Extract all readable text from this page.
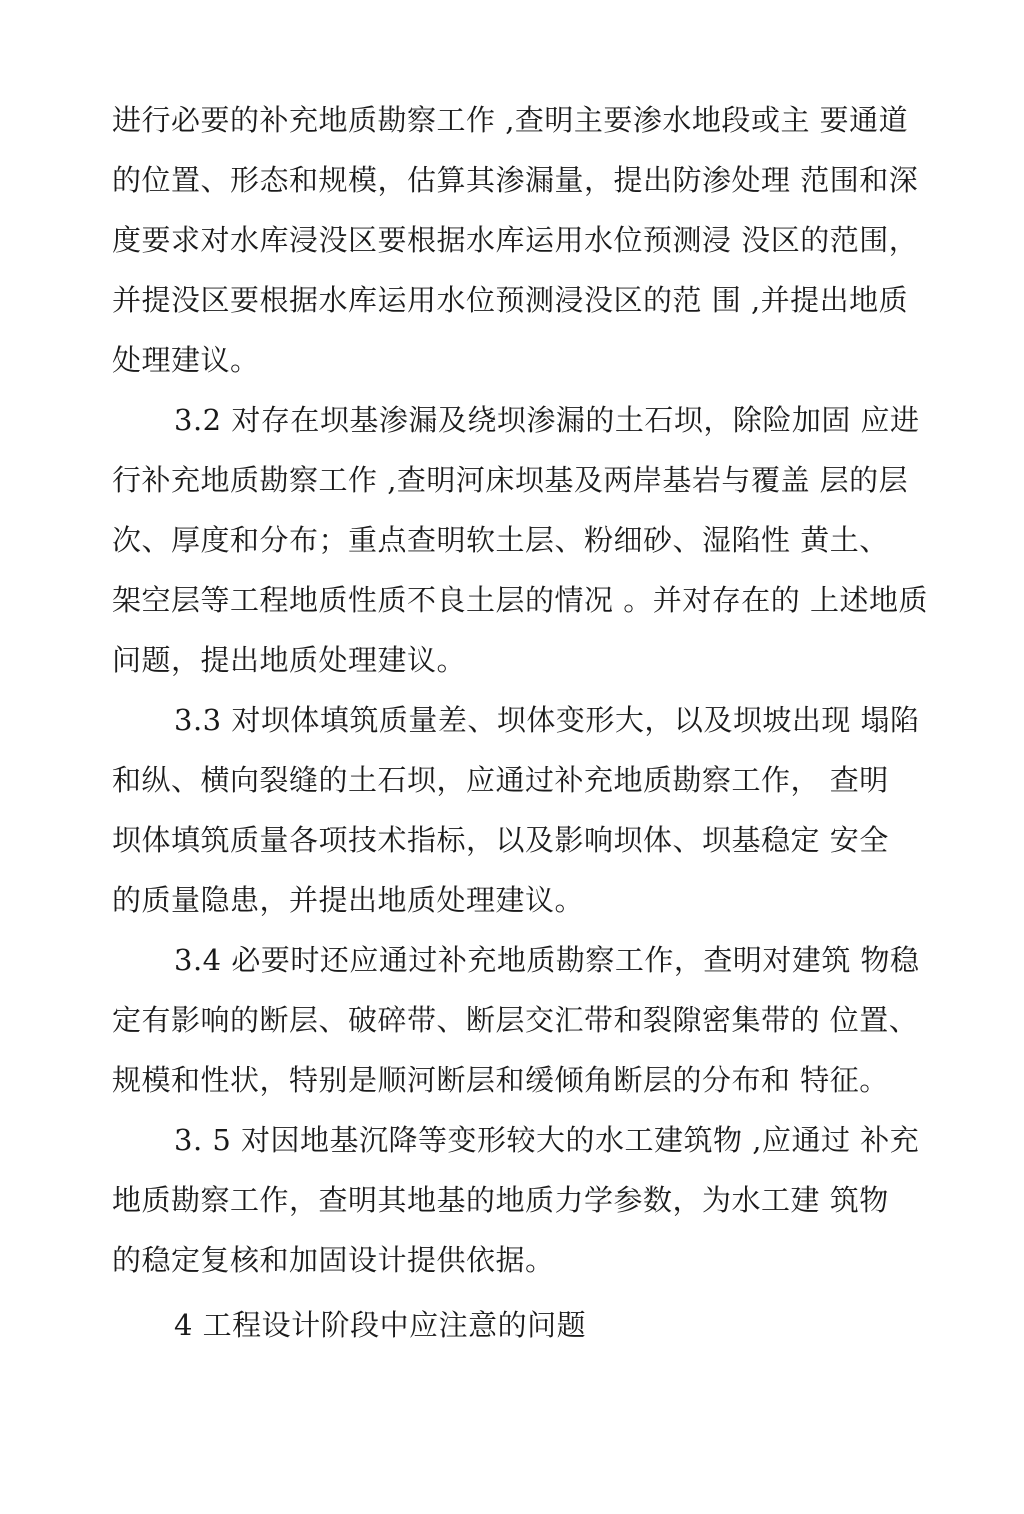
进行必要的补充地质勘察工作 ,查明主要渗水地段或主 要通道
的位置、形态和规模，估算其渗漏量，提出防渗处理 范围和深
度要求对水库浸没区要根据水库运用水位预测浸 没区的范围，
并提没区要根据水库运用水位预测浸没区的范 围 ,并提出地质
处理建议。
3.2 对存在坝基渗漏及绕坝渗漏的土石坝，除险加固 应进
行补充地质勘察工作 ,查明河床坝基及两岸基岩与覆盖 层的层
次、厚度和分布；重点查明软土层、粉细砂、湿陷性 黄土、
架空层等工程地质性质不良土层的情况 。并对存在的 上述地质
问题，提出地质处理建议。
3.3 对坝体填筑质量差、坝体变形大，以及坝坡出现 塌陷
和纵、横向裂缝的土石坝，应通过补充地质勘察工作， 查明
坝体填筑质量各项技术指标，以及影响坝体、坝基稳定 安全
的质量隐患，并提出地质处理建议。
3.4 必要时还应通过补充地质勘察工作，查明对建筑 物稳
定有影响的断层、破碎带、断层交汇带和裂隙密集带的 位置、
规模和性状，特别是顺河断层和缓倾角断层的分布和 特征。
3. 5 对因地基沉降等变形较大的水工建筑物 ,应通过 补充
地质勘察工作，查明其地基的地质力学参数，为水工建 筑物
的稳定复核和加固设计提供依据。
4 工程设计阶段中应注意的问题
